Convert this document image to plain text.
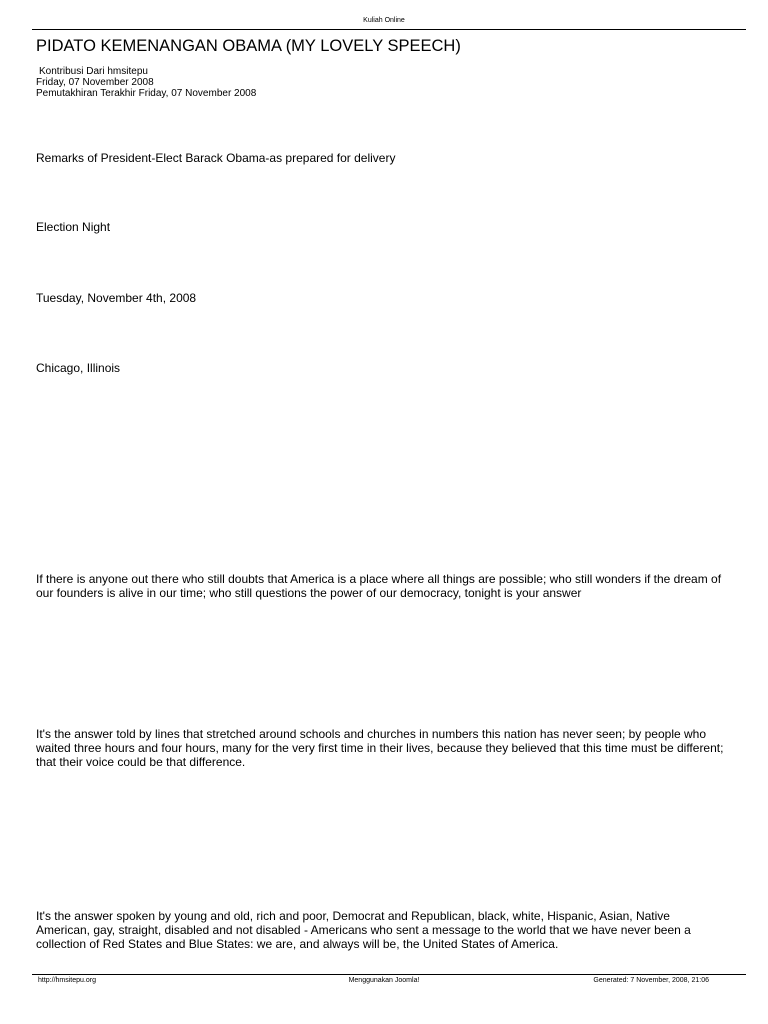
Kuliah Online
PIDATO KEMENANGAN OBAMA (MY LOVELY SPEECH)
Kontribusi Dari hmsitepu
Friday, 07 November 2008
Pemutakhiran Terakhir Friday, 07 November 2008

Remarks of President-Elect Barack Obama-as prepared for delivery

Election Night

Tuesday, November 4th, 2008

Chicago, Illinois

If there is anyone out there who still doubts that America is a place where all things are possible; who still wonders if the dream of our founders is alive in our time; who still questions the power of our democracy, tonight is your answer

It's the answer told by lines that stretched around schools and churches in numbers this nation has never seen; by people who waited three hours and four hours, many for the very first time in their lives, because they believed that this time must be different; that their voice could be that difference.

It's the answer spoken by young and old, rich and poor, Democrat and Republican, black, white, Hispanic, Asian, Native American, gay, straight, disabled and not disabled - Americans who sent a message to the world that we have never been a collection of Red States and Blue States: we are, and always will be, the United States of America.

http://hmsitepu.org	Menggunakan Joomla!	Generated: 7 November, 2008, 21:06
